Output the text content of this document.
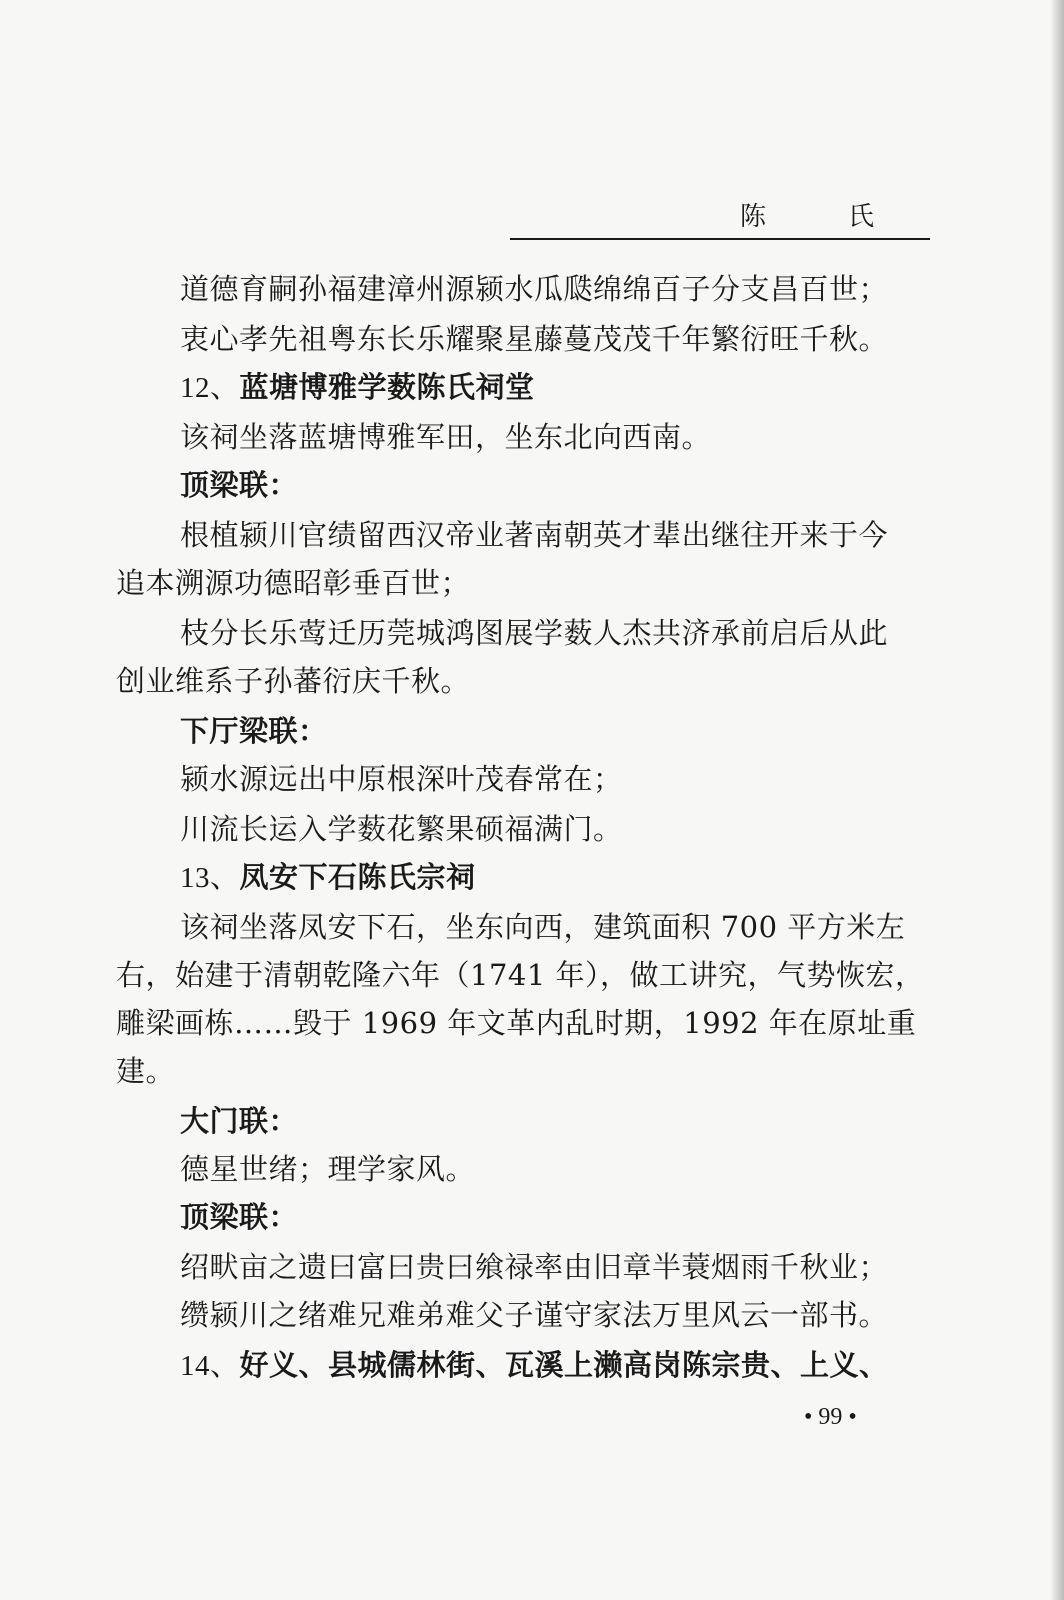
陈　氏
道德育嗣孙福建漳州源颍水瓜瓞绵绵百子分支昌百世；
衷心孝先祖粤东长乐耀聚星藤蔓茂茂千年繁衍旺千秋。
12、蓝塘博雅学薮陈氏祠堂
该祠坐落蓝塘博雅军田，坐东北向西南。
顶梁联：
根植颍川官绩留西汉帝业著南朝英才辈出继往开来于今
追本溯源功德昭彰垂百世；
枝分长乐莺迁历莞城鸿图展学薮人杰共济承前启后从此
创业维系子孙蕃衍庆千秋。
下厅梁联：
颍水源远出中原根深叶茂春常在；
川流长运入学薮花繁果硕福满门。
13、凤安下石陈氏宗祠
该祠坐落凤安下石，坐东向西，建筑面积 700 平方米左
右，始建于清朝乾隆六年（1741 年），做工讲究，气势恢宏，
雕梁画栋……毁于 1969 年文革内乱时期，1992 年在原址重
建。
大门联：
德星世绪；理学家风。
顶梁联：
绍畎亩之遗曰富曰贵曰飨禄率由旧章半蓑烟雨千秋业；
缵颍川之绪难兄难弟难父子谨守家法万里风云一部书。
14、好义、县城儒林街、瓦溪上濑高岗陈宗贵、上义、
• 99 •
